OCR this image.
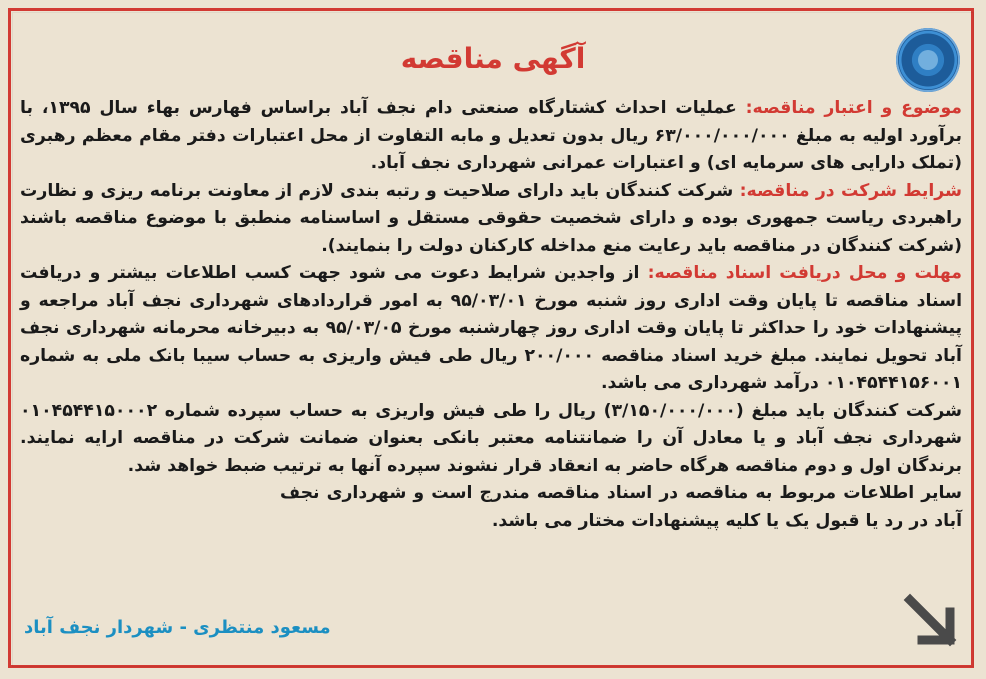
آگهی مناقصه

موضوع و اعتبار مناقصه: عملیات احداث کشتارگاه صنعتی دام نجف آباد براساس فهارس بهاء سال ۱۳۹۵، با برآورد اولیه به مبلغ ۶۳/۰۰۰/۰۰۰/۰۰۰ ریال بدون تعدیل و مابه التفاوت از محل اعتبارات دفتر مقام معظم رهبری (تملک دارایی های سرمایه ای) و اعتبارات عمرانی شهرداری نجف آباد.

شرایط شرکت در مناقصه: شرکت کنندگان باید دارای صلاحیت و رتبه بندی لازم از معاونت برنامه ریزی و نظارت راهبردی ریاست جمهوری بوده و دارای شخصیت حقوقی مستقل و اساسنامه منطبق با موضوع مناقصه باشند (شرکت کنندگان در مناقصه باید رعایت منع مداخله کارکنان دولت را بنمایند).

مهلت و محل دریافت اسناد مناقصه: از واجدین شرایط دعوت می شود جهت کسب اطلاعات بیشتر و دریافت اسناد مناقصه تا پایان وقت اداری روز شنبه مورخ ۹۵/۰۳/۰۱ به امور قراردادهای شهرداری نجف آباد مراجعه و پیشنهادات خود را حداکثر تا پایان وقت اداری روز چهارشنبه مورخ ۹۵/۰۳/۰۵ به دبیرخانه محرمانه شهرداری نجف آباد تحویل نمایند. مبلغ خرید اسناد مناقصه ۲۰۰/۰۰۰ ریال طی فیش واریزی به حساب سیبا بانک ملی به شماره ۰۱۰۴۵۴۴۱۵۶۰۰۱ درآمد شهرداری می باشد.

شرکت کنندگان باید مبلغ (۳/۱۵۰/۰۰۰/۰۰۰) ریال را طی فیش واریزی به حساب سپرده شماره ۰۱۰۴۵۴۴۱۵۰۰۰۲ شهرداری نجف آباد و یا معادل آن را ضمانتنامه معتبر بانکی بعنوان ضمانت شرکت در مناقصه ارایه نمایند. برندگان اول و دوم مناقصه هرگاه حاضر به انعقاد قرار نشوند سپرده آنها به ترتیب ضبط خواهد شد.

سایر اطلاعات مربوط به مناقصه در اسناد مناقصه مندرج است و شهرداری نجف آباد در رد یا قبول یک یا کلیه پیشنهادات مختار می باشد.

مسعود منتظری - شهردار نجف آباد
